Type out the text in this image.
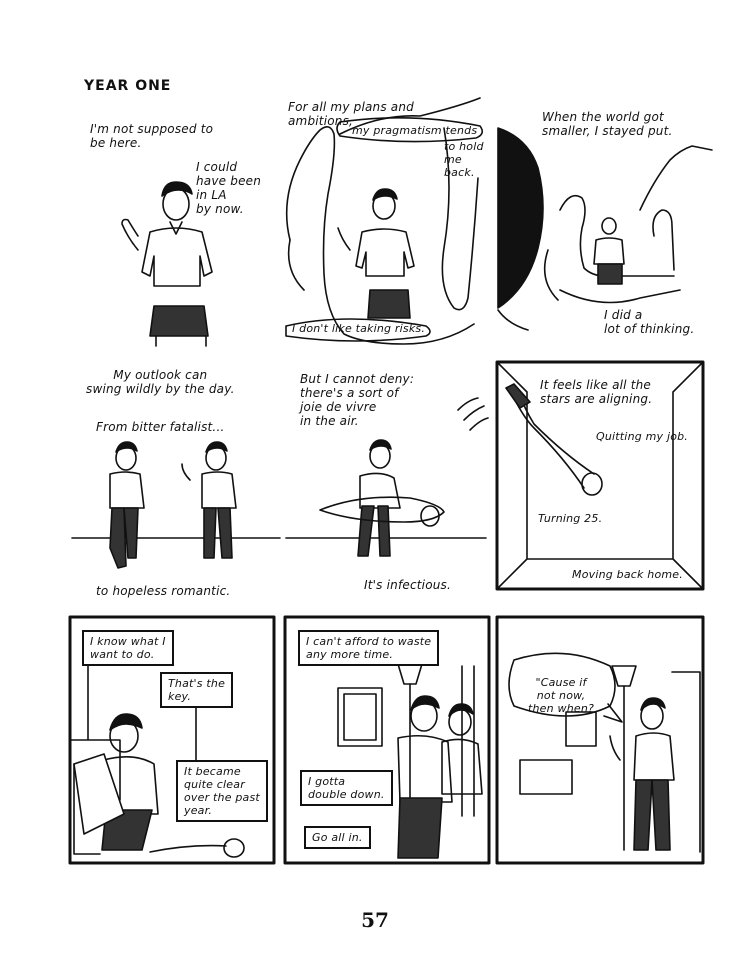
YEAR ONE
I'm not supposed to
be here.
I could
have been
in LA
by now.
For all my plans and
ambitions,
my pragmatism tends
to hold
me
back.
I don't like taking risks.
When the world got
smaller, I stayed put.
I did a
lot of thinking.
My outlook can
swing wildly by the day.
From bitter fatalist...
to hopeless romantic.
But I cannot deny:
there's a sort of
joie de vivre
in the air.
It's infectious.
It feels like all the
stars are aligning.
Quitting my job.
Turning 25.
Moving back home.
I know what I
want to do.
That's the
key.
It became
quite clear
over the past
year.
I can't afford to waste
any more time.
I gotta
double down.
Go all in.
"Cause if
not now,
then when?
57
